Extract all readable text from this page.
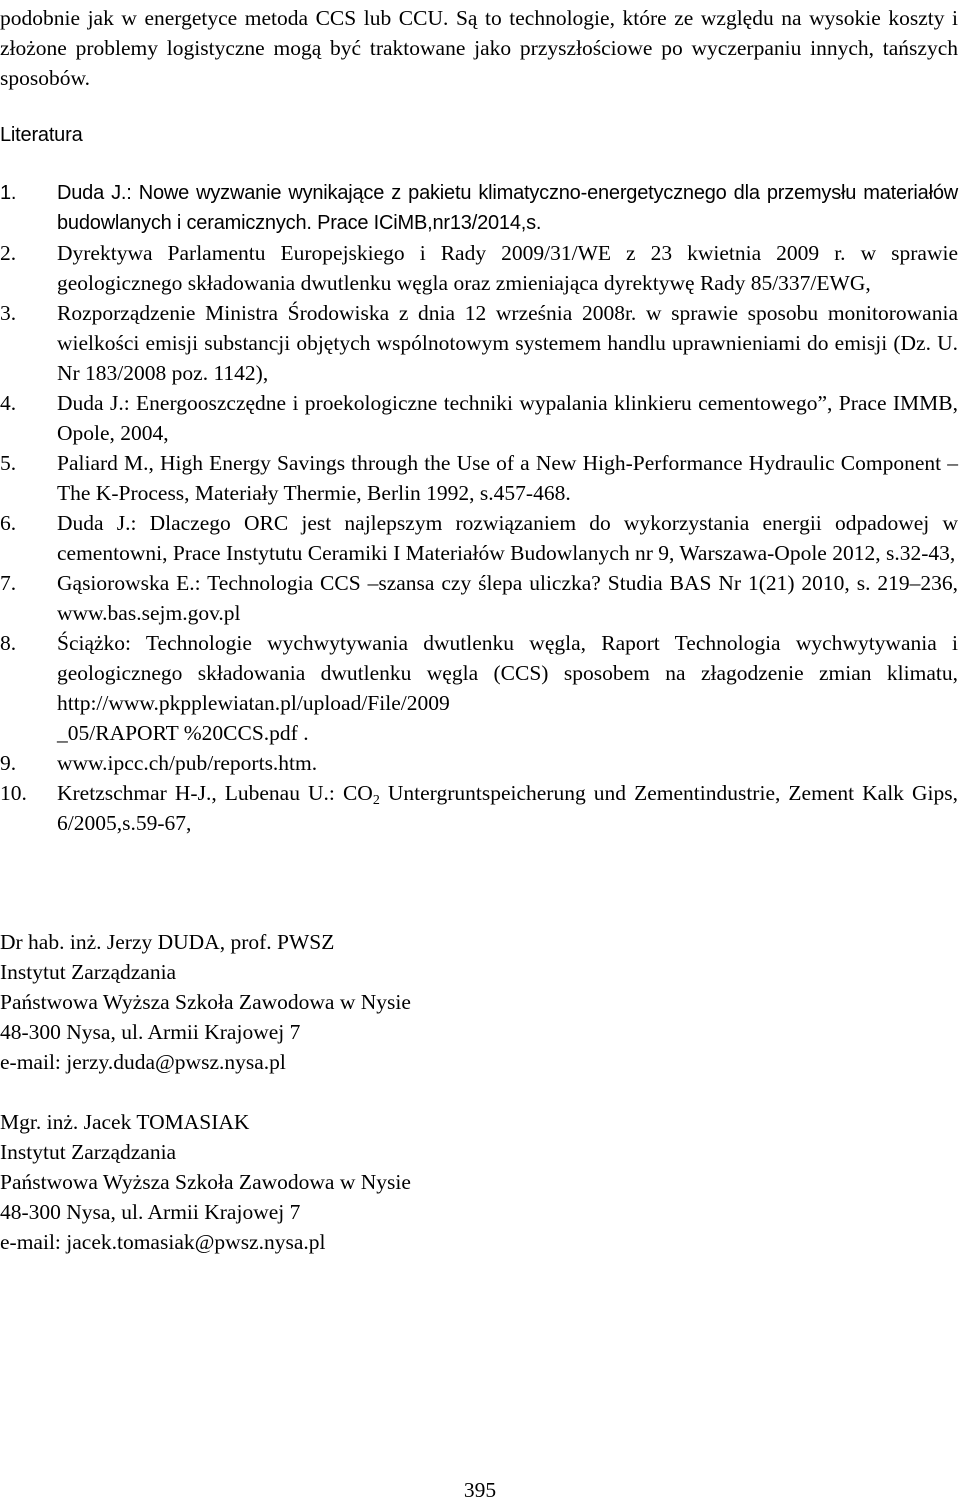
podobnie jak w energetyce metoda CCS lub CCU. Są to technologie, które ze względu na wysokie koszty i złożone problemy logistyczne mogą być traktowane jako przyszłościowe po wyczerpaniu innych, tańszych sposobów.

Literatura
1.	Duda J.: Nowe wyzwanie wynikające z pakietu klimatyczno-energetycznego dla przemysłu materiałów budowlanych i ceramicznych. Prace ICiMB,nr13/2014,s.
2.	Dyrektywa Parlamentu Europejskiego i Rady 2009/31/WE z 23 kwietnia 2009 r. w sprawie geologicznego składowania dwutlenku węgla oraz zmieniająca dyrektywę Rady 85/337/EWG,
3.	Rozporządzenie Ministra Środowiska z dnia 12 września 2008r. w sprawie sposobu monitorowania wielkości emisji substancji objętych wspólnotowym systemem handlu uprawnieniami do emisji (Dz. U. Nr 183/2008 poz. 1142),
4.	Duda J.: Energooszczędne i proekologiczne techniki wypalania klinkieru cementowego”, Prace IMMB, Opole, 2004,
5.	Paliard M., High Energy Savings through the Use of a New High-Performance Hydraulic Component – The K-Process, Materiały Thermie, Berlin 1992, s.457-468.
6.	Duda J.: Dlaczego ORC jest najlepszym rozwiązaniem do wykorzystania energii odpadowej w cementowni, Prace Instytutu Ceramiki I Materiałów Budowlanych nr 9, Warszawa-Opole 2012, s.32-43,
7.	Gąsiorowska E.: Technologia CCS –szansa czy ślepa uliczka? Studia BAS Nr 1(21) 2010, s. 219–236, www.bas.sejm.gov.pl
8.	Ściążko: Technologie wychwytywania dwutlenku węgla, Raport Technologia wychwytywania i geologicznego składowania dwutlenku węgla (CCS) sposobem na złagodzenie zmian klimatu, http://www.pkpplewiatan.pl/upload/File/2009
_05/RAPORT %20CCS.pdf .
9.	www.ipcc.ch/pub/reports.htm.
10.	Kretzschmar H-J., Lubenau U.: $CO_2$ Untergruntspeicherung und Zementindustrie, Zement Kalk Gips, 6/2005,s.59-67,
Dr hab. inż. Jerzy DUDA, prof. PWSZ
Instytut Zarządzania
Państwowa Wyższa Szkoła Zawodowa w Nysie
48-300 Nysa, ul. Armii Krajowej 7
e-mail: jerzy.duda@pwsz.nysa.pl
Mgr. inż. Jacek TOMASIAK
Instytut Zarządzania
Państwowa Wyższa Szkoła Zawodowa w Nysie
48-300 Nysa, ul. Armii Krajowej 7
e-mail: jacek.tomasiak@pwsz.nysa.pl
395
